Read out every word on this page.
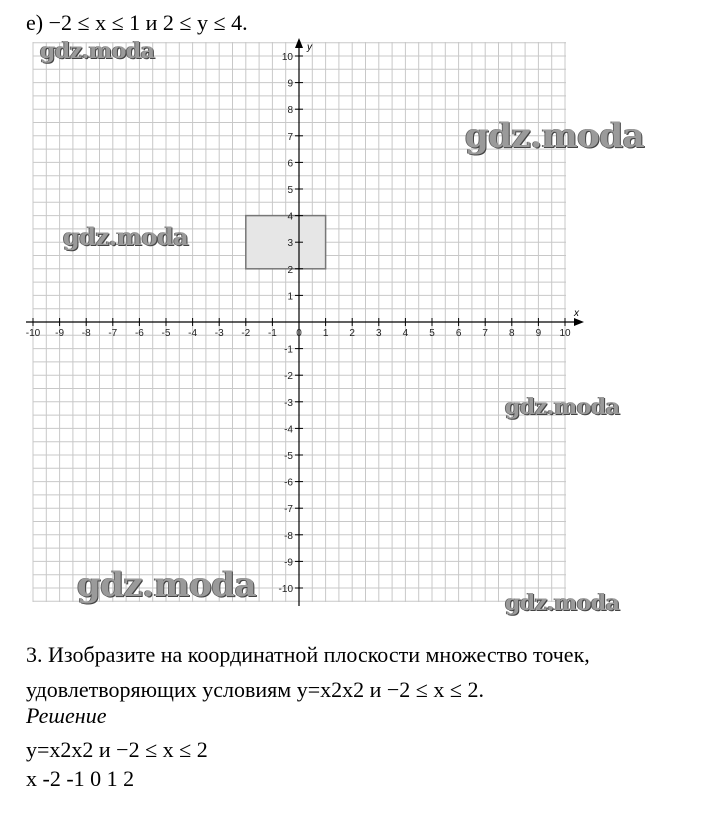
е) −2 ≤ x ≤ 1 и 2 ≤ y ≤ 4.
x
y
-10 -9 -8 -7 -6 -5 -4 -3 -2 -1 0 1 2 3 4 5 6 7 8 9 10
-10
-9
-8
-7
-6
-5
-4
-3
-2
-1
1
2
3
4
5
6
7
8
9
10
gdz.moda
gdz.moda
gdz.moda
gdz.moda
gdz.moda	gdz.moda
3. Изобразите на координатной плоскости множество точек,
удовлетворяющих условиям y=x2x2 и −2 ≤ x ≤ 2.
Решение
y=x2x2 и −2 ≤ x ≤ 2
x -2 -1 0 1 2
